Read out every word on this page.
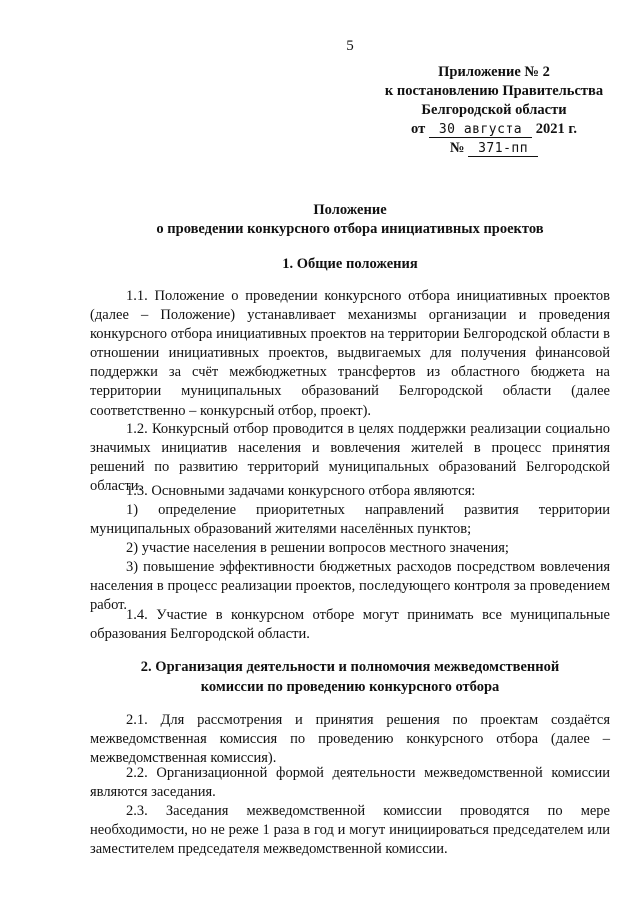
5
Приложение № 2
к постановлению Правительства
Белгородской области
от 30 августа 2021 г.
№ 371-пп
Положение
о проведении конкурсного отбора инициативных проектов
1. Общие положения

1.1. Положение о проведении конкурсного отбора инициативных проектов (далее – Положение) устанавливает механизмы организации и проведения конкурсного отбора инициативных проектов на территории Белгородской области в отношении инициативных проектов, выдвигаемых для получения финансовой поддержки за счёт межбюджетных трансфертов из областного бюджета на территории муниципальных образований Белгородской области (далее соответственно – конкурсный отбор, проект).

1.2. Конкурсный отбор проводится в целях поддержки реализации социально значимых инициатив населения и вовлечения жителей в процесс принятия решений по развитию территорий муниципальных образований Белгородской области.

1.3. Основными задачами конкурсного отбора являются:

1) определение приоритетных направлений развития территории муниципальных образований жителями населённых пунктов;

2) участие населения в решении вопросов местного значения;

3) повышение эффективности бюджетных расходов посредством вовлечения населения в процесс реализации проектов, последующего контроля за проведением работ.

1.4. Участие в конкурсном отборе могут принимать все муниципальные образования Белгородской области.

2. Организация деятельности и полномочия межведомственной
комиссии по проведению конкурсного отбора

2.1. Для рассмотрения и принятия решения по проектам создаётся межведомственная комиссия по проведению конкурсного отбора (далее – межведомственная комиссия).

2.2. Организационной формой деятельности межведомственной комиссии являются заседания.

2.3. Заседания межведомственной комиссии проводятся по мере необходимости, но не реже 1 раза в год и могут инициироваться председателем или заместителем председателя межведомственной комиссии.
